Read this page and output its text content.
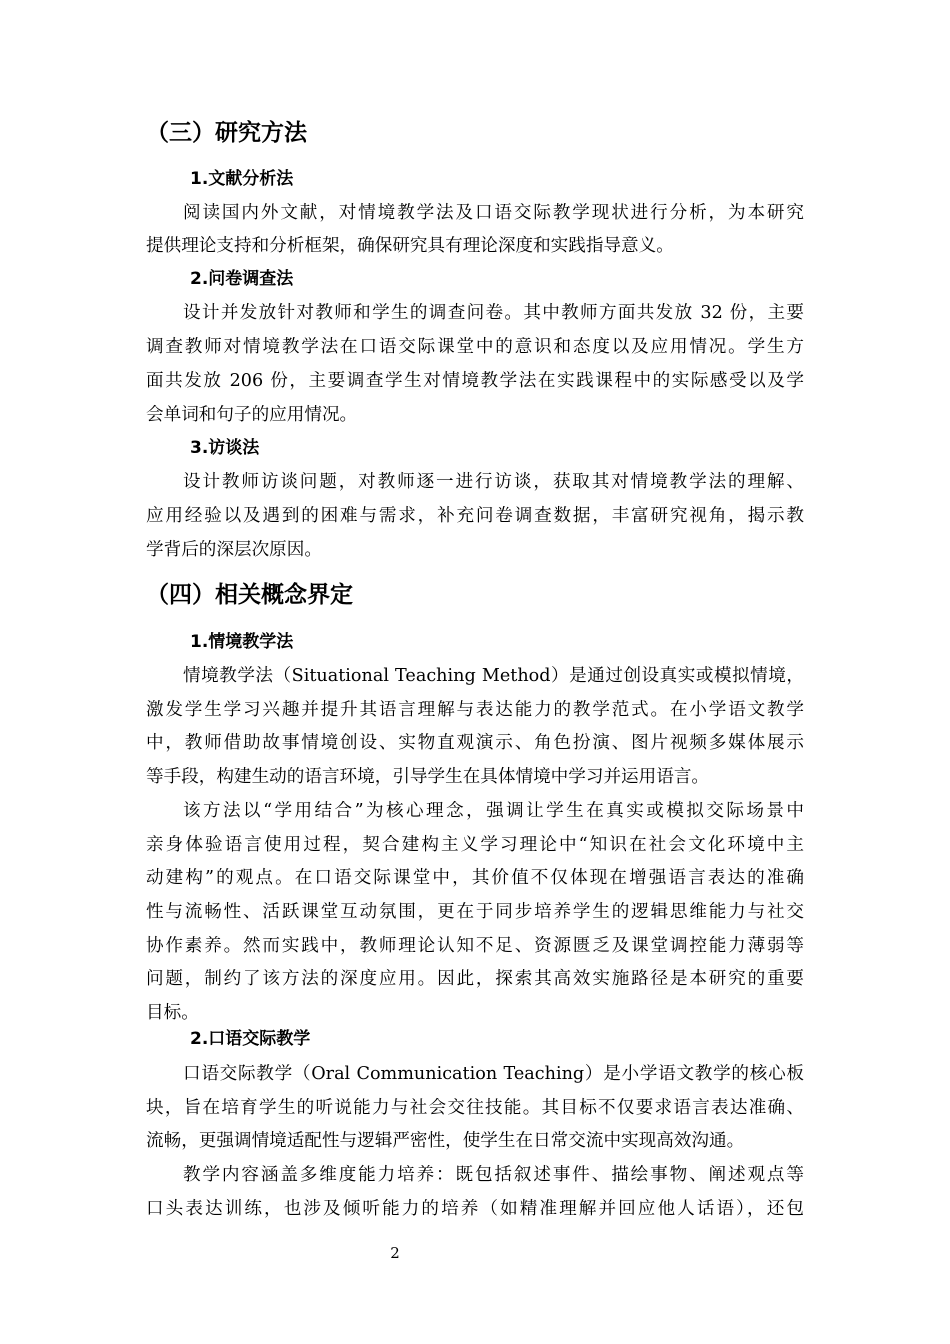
（三）研究方法
1.文献分析法
阅读国内外文献，对情境教学法及口语交际教学现状进行分析，为本研究
提供理论支持和分析框架，确保研究具有理论深度和实践指导意义。
2.问卷调查法
设计并发放针对教师和学生的调查问卷。其中教师方面共发放 32 份，主要
调查教师对情境教学法在口语交际课堂中的意识和态度以及应用情况。学生方
面共发放 206 份，主要调查学生对情境教学法在实践课程中的实际感受以及学
会单词和句子的应用情况。
3.访谈法
设计教师访谈问题，对教师逐一进行访谈，获取其对情境教学法的理解、
应用经验以及遇到的困难与需求，补充问卷调查数据，丰富研究视角，揭示教
学背后的深层次原因。
（四）相关概念界定
1.情境教学法
情境教学法（Situational Teaching Method）是通过创设真实或模拟情境，
激发学生学习兴趣并提升其语言理解与表达能力的教学范式。在小学语文教学
中，教师借助故事情境创设、实物直观演示、角色扮演、图片视频多媒体展示
等手段，构建生动的语言环境，引导学生在具体情境中学习并运用语言。
该方法以“学用结合”为核心理念，强调让学生在真实或模拟交际场景中
亲身体验语言使用过程，契合建构主义学习理论中“知识在社会文化环境中主
动建构”的观点。在口语交际课堂中，其价值不仅体现在增强语言表达的准确
性与流畅性、活跃课堂互动氛围，更在于同步培养学生的逻辑思维能力与社交
协作素养。然而实践中，教师理论认知不足、资源匮乏及课堂调控能力薄弱等
问题，制约了该方法的深度应用。因此，探索其高效实施路径是本研究的重要
目标。
2.口语交际教学
口语交际教学（Oral Communication Teaching）是小学语文教学的核心板
块，旨在培育学生的听说能力与社会交往技能。其目标不仅要求语言表达准确、
流畅，更强调情境适配性与逻辑严密性，使学生在日常交流中实现高效沟通。
教学内容涵盖多维度能力培养：既包括叙述事件、描绘事物、阐述观点等
口头表达训练，也涉及倾听能力的培养（如精准理解并回应他人话语），还包
2
